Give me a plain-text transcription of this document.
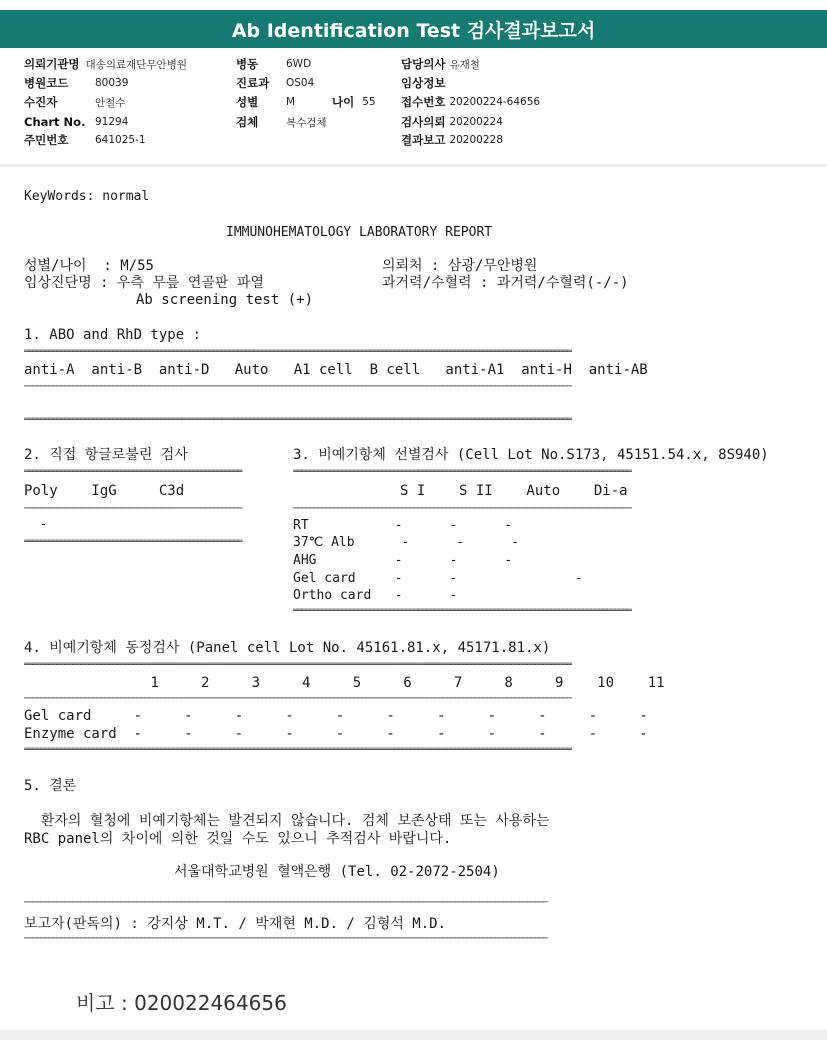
Ab Identification Test 검사결과보고서
의뢰기관명 대송의료재단무안병원
병원코드	80039
수진자	안철수
Chart No. 91294
주민번호	641025-1
병동	6WD
진료과	OS04
성별	M	나이 55
검체	복수검체
담당의사 유재철
임상정보
접수번호 20200224-64656
검사의뢰 20200224
결과보고 20200228
KeyWords: normal
IMMUNOHEMATOLOGY LABORATORY REPORT
성별/나이  : M/55	의뢰처 : 삼광/무안병원
임상진단명 : 우측 무릎 연골판 파열	과거력/수혈력 : 과거력/수혈력(-/-)
Ab screening test (+)
1. ABO and RhD type :
════════════════════════════════════════════════════════════════════════════════════════════════════════════════════════════════════════
anti-A  anti-B  anti-D   Auto   A1 cell  B cell   anti-A1  anti-H  anti-AB
────────────────────────────────────────────────────────────────────────────────────────────────────────────────────────────────────────
════════════════════════════════════════════════════════════════════════════════════════════════════════════════════════════════════════
2. 직접 항글로불린 검사
══════════════════════════════════════════════════════
Poly    IgG     C3d
──────────────────────────────────────────────────────
-
══════════════════════════════════════════════════════
3. 비예기항체 선별검사 (Cell Lot No.S173, 45151.54.x, 8S940)
════════════════════════════════════════════════════════════════════════════════════
S I    S II    Auto    Di-a
────────────────────────────────────────────────────────────────────────────────────
RT           -      -      -
37℃ Alb      -      -      -
AHG          -      -      -
Gel card     -      -               -
Ortho card   -      -
════════════════════════════════════════════════════════════════════════════════════
4. 비예기항체 동정검사 (Panel cell Lot No. 45161.81.x, 45171.81.x)
════════════════════════════════════════════════════════════════════════════════════════════════════════════════════════════════════════
1     2     3     4     5     6     7     8     9    10    11
────────────────────────────────────────────────────────────────────────────────────────────────────────────────────────────────────────
Gel card     -     -     -     -     -     -     -     -     -     -     -
Enzyme card  -     -     -     -     -     -     -     -     -     -     -
════════════════════════════════════════════════════════════════════════════════════════════════════════════════════════════════════════
5. 결론
환자의 혈청에 비예기항체는 발견되지 않습니다. 검체 보존상태 또는 사용하는
RBC panel의 차이에 의한 것일 수도 있으니 추적검사 바랍니다.
서울대학교병원 혈액은행 (Tel. 02-2072-2504)
──────────────────────────────────────────────────────────────────────────────────────────────────────────────────────────────────
보고자(판독의) : 강지상 M.T. / 박재현 M.D. / 김형석 M.D.
──────────────────────────────────────────────────────────────────────────────────────────────────────────────────────────────────
비고 : 020022464656
